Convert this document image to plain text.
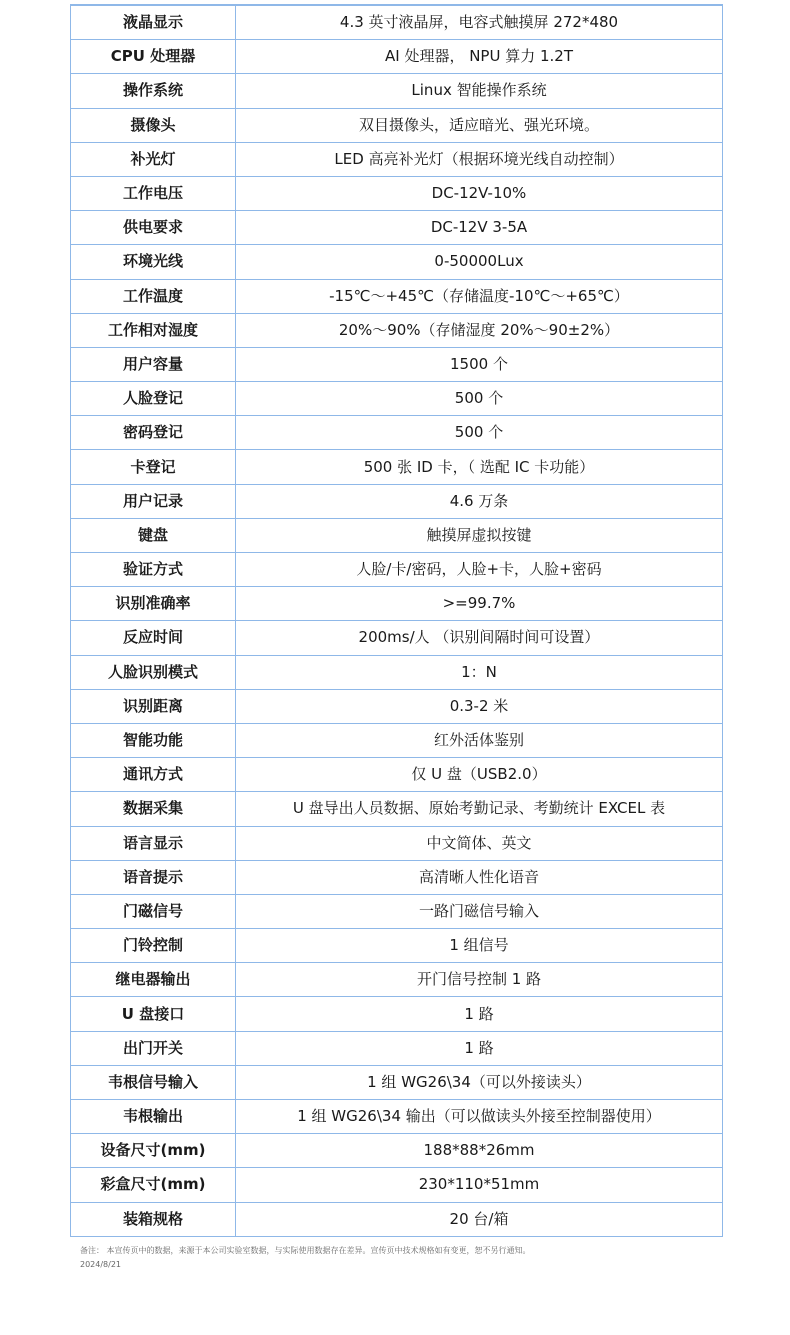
液晶显示	4.3 英寸液晶屏，电容式触摸屏 272*480
CPU 处理器	AI 处理器， NPU 算力 1.2T
操作系统	Linux 智能操作系统
摄像头	双目摄像头，适应暗光、强光环境。
补光灯	LED 高亮补光灯（根据环境光线自动控制）
工作电压	DC-12V-10%
供电要求	DC-12V 3-5A
环境光线	0-50000Lux
工作温度	-15℃～+45℃（存储温度-10℃～+65℃）
工作相对湿度	20%～90%（存储湿度 20%～90±2%）
用户容量	1500 个
人脸登记	500 个
密码登记	500 个
卡登记	500 张 ID 卡，（ 选配 IC 卡功能）
用户记录	4.6 万条
键盘	触摸屏虚拟按键
验证方式	人脸/卡/密码，人脸+卡，人脸+密码
识别准确率	>=99.7%
反应时间	200ms/人 （识别间隔时间可设置）
人脸识别模式	1：N
识别距离	0.3-2 米
智能功能	红外活体鉴别
通讯方式	仅 U 盘（USB2.0）
数据采集	U 盘导出人员数据、原始考勤记录、考勤统计 EXCEL 表
语言显示	中文简体、英文
语音提示	高清晰人性化语音
门磁信号	一路门磁信号输入
门铃控制	1 组信号
继电器输出	开门信号控制 1 路
U 盘接口	1 路
出门开关	1 路
韦根信号输入	1 组 WG26\34（可以外接读头）
韦根输出	1 组 WG26\34 输出（可以做读头外接至控制器使用）
设备尺寸(mm)	188*88*26mm
彩盒尺寸(mm)	230*110*51mm
装箱规格	20 台/箱
备注： 本宣传页中的数据，来源于本公司实验室数据，与实际使用数据存在差异。宣传页中技术规格如有变更，恕不另行通知。
2024/8/21
